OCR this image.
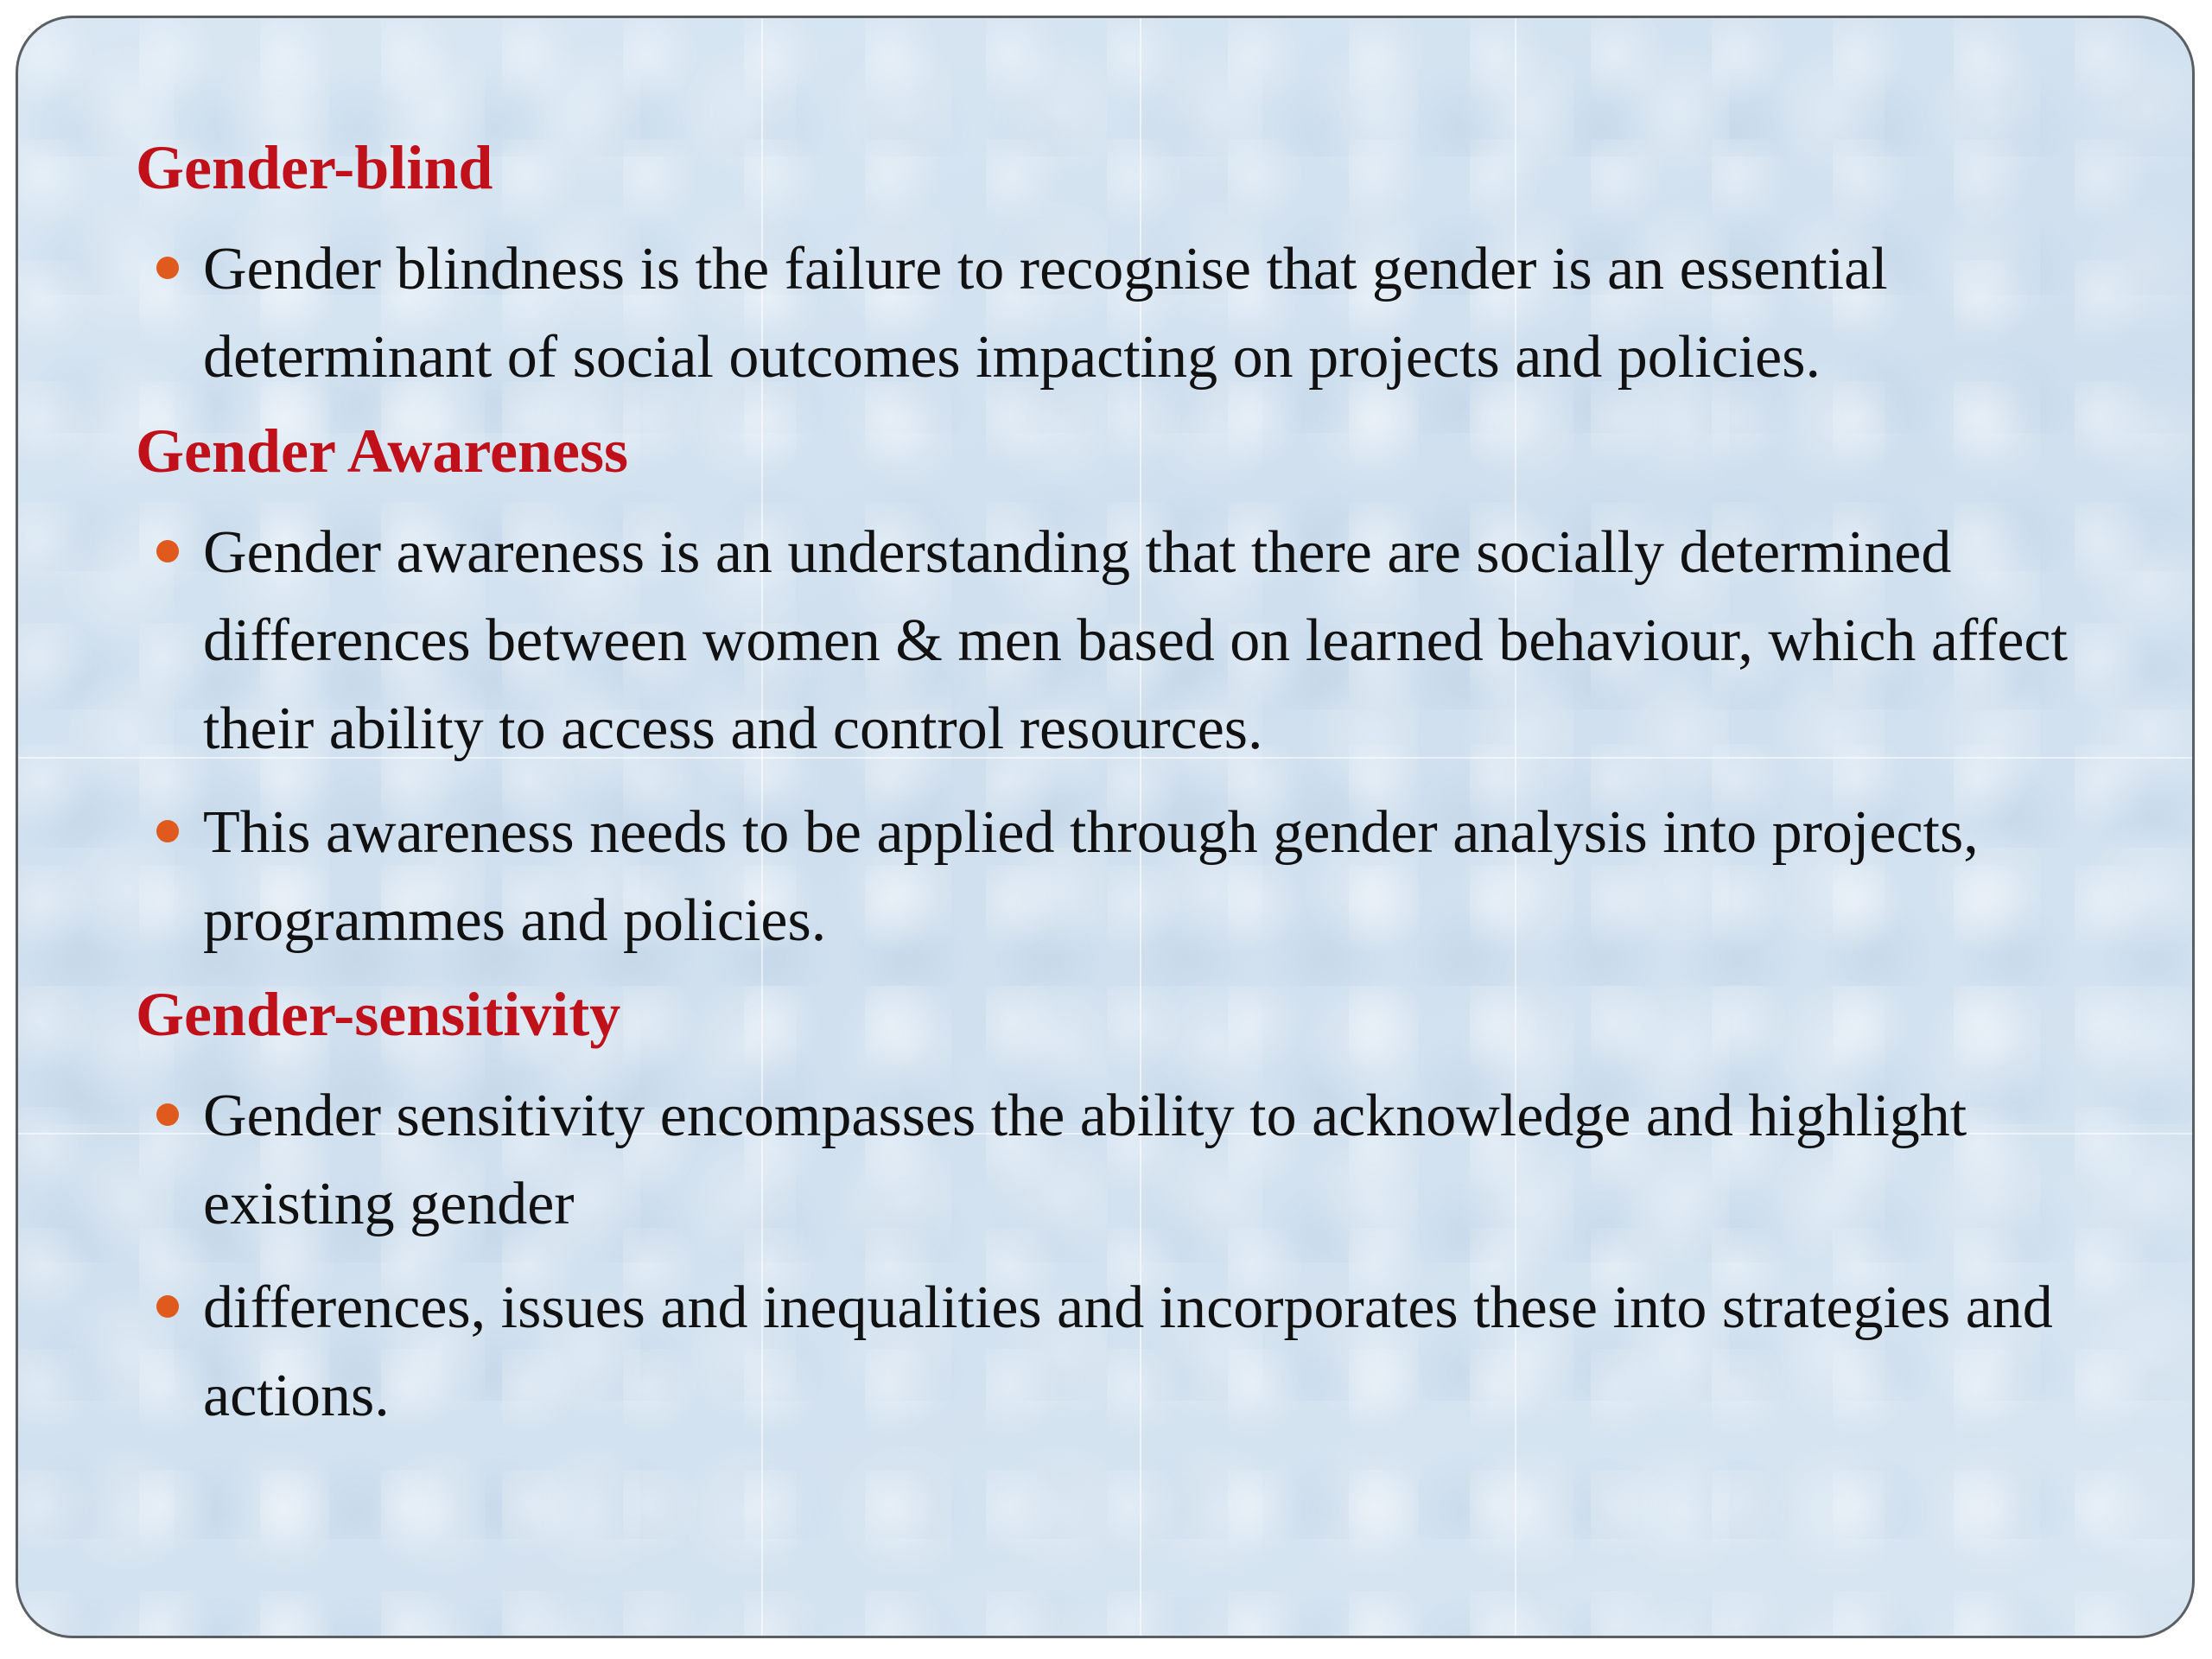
Gender-blind
Gender blindness is the failure to recognise that gender is an essential determinant of social outcomes impacting on projects and policies.
Gender Awareness
Gender awareness is an understanding that there are socially determined differences between women & men based on learned behaviour, which affect their ability to access and control resources.
This awareness needs to be applied through gender analysis into projects, programmes and policies.
Gender-sensitivity
Gender sensitivity encompasses the ability to acknowledge and highlight existing gender
differences, issues and inequalities and incorporates these into strategies and actions.
